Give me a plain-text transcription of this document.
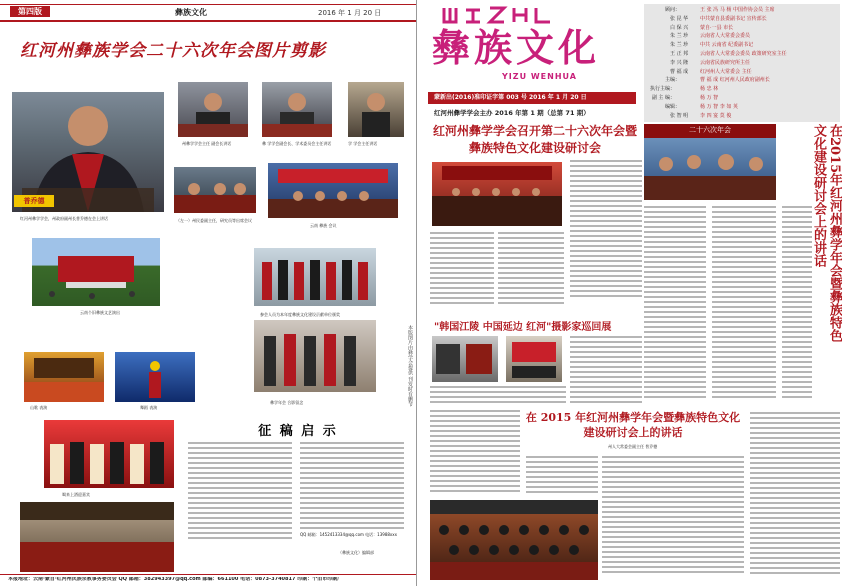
第四版	彝族文化	2016 年 1 月 20 日
红河州彝族学会二十六次年会图片剪影
普乔德
红河州彝学学会，州政府副州长普乔德在会上讲话
州彝学学会主任 副会长讲话	彝 学学会副会长、学术委员会主任讲话	学 学会主任讲话
（左一）州民委副主任，研究员等出席会议
云南 彝族 会议
云南个旧彝族文艺演出	参会人员为本年度彝族文化建设贡献单位颁奖
彝学年会 合影留念	本版图片由彝学会提供 刊发时有删节
山歌 表演	舞蹈 表演
喝来上酒迎嘉宾
征 稿 启 示
QQ 邮箱：1452413334@qq.com 电话：13988xxx
（彝族文化）编辑部
本报地址：云南·蒙自·红河州民族宗教事务委员会 QQ 邮箱：382943397@qq.com 邮编：661100 电话：0873-3740817 印刷：个旧市印刷厂
彝族文化
YIZU WENHUA
顾 问：	王 张 冯 马 杨 中国作协会员 主席
张 昆 华	中共蒙自县委副书记 宣传部长
白 保 兴	蒙自·一县 市长
朱 兰 珍	云南省人大常委会委员
朱 兰 珍	中共 云南省 纪委副书记
王 正 邦	云南省人大常委会委员 政策研究室主任
李 兴 隆	云南省民族研究所主任
曹 福 成	红河州人大常委会 主任
主 编：	曹 福 成 红河州人民政府副州长
执行主编 ：	杨 忠 林
副 主 编 ：	杨 万 智
编 辑：	杨 万 智 李 如 英
张 智 明	李 四 宴 莫 俊
蒙新出(2016)准印证字第 003 号 2016 年 1 月 20 日
红河州彝学学会主办 2016 年第 1 期（总第 71 期）
红河州彝学学会召开第二十六次年会暨彝族特色文化建设研讨会
"韩国江陵 中国延边 红河"摄影家巡回展
在 2015 年红河州彝学年会暨彝族特色文化建设研讨会上的讲话
州人大常委会副主任 普乔德
二十六次年会	在2015年红河州彝学年会暨彝族特色文化建设研讨会上的讲话
